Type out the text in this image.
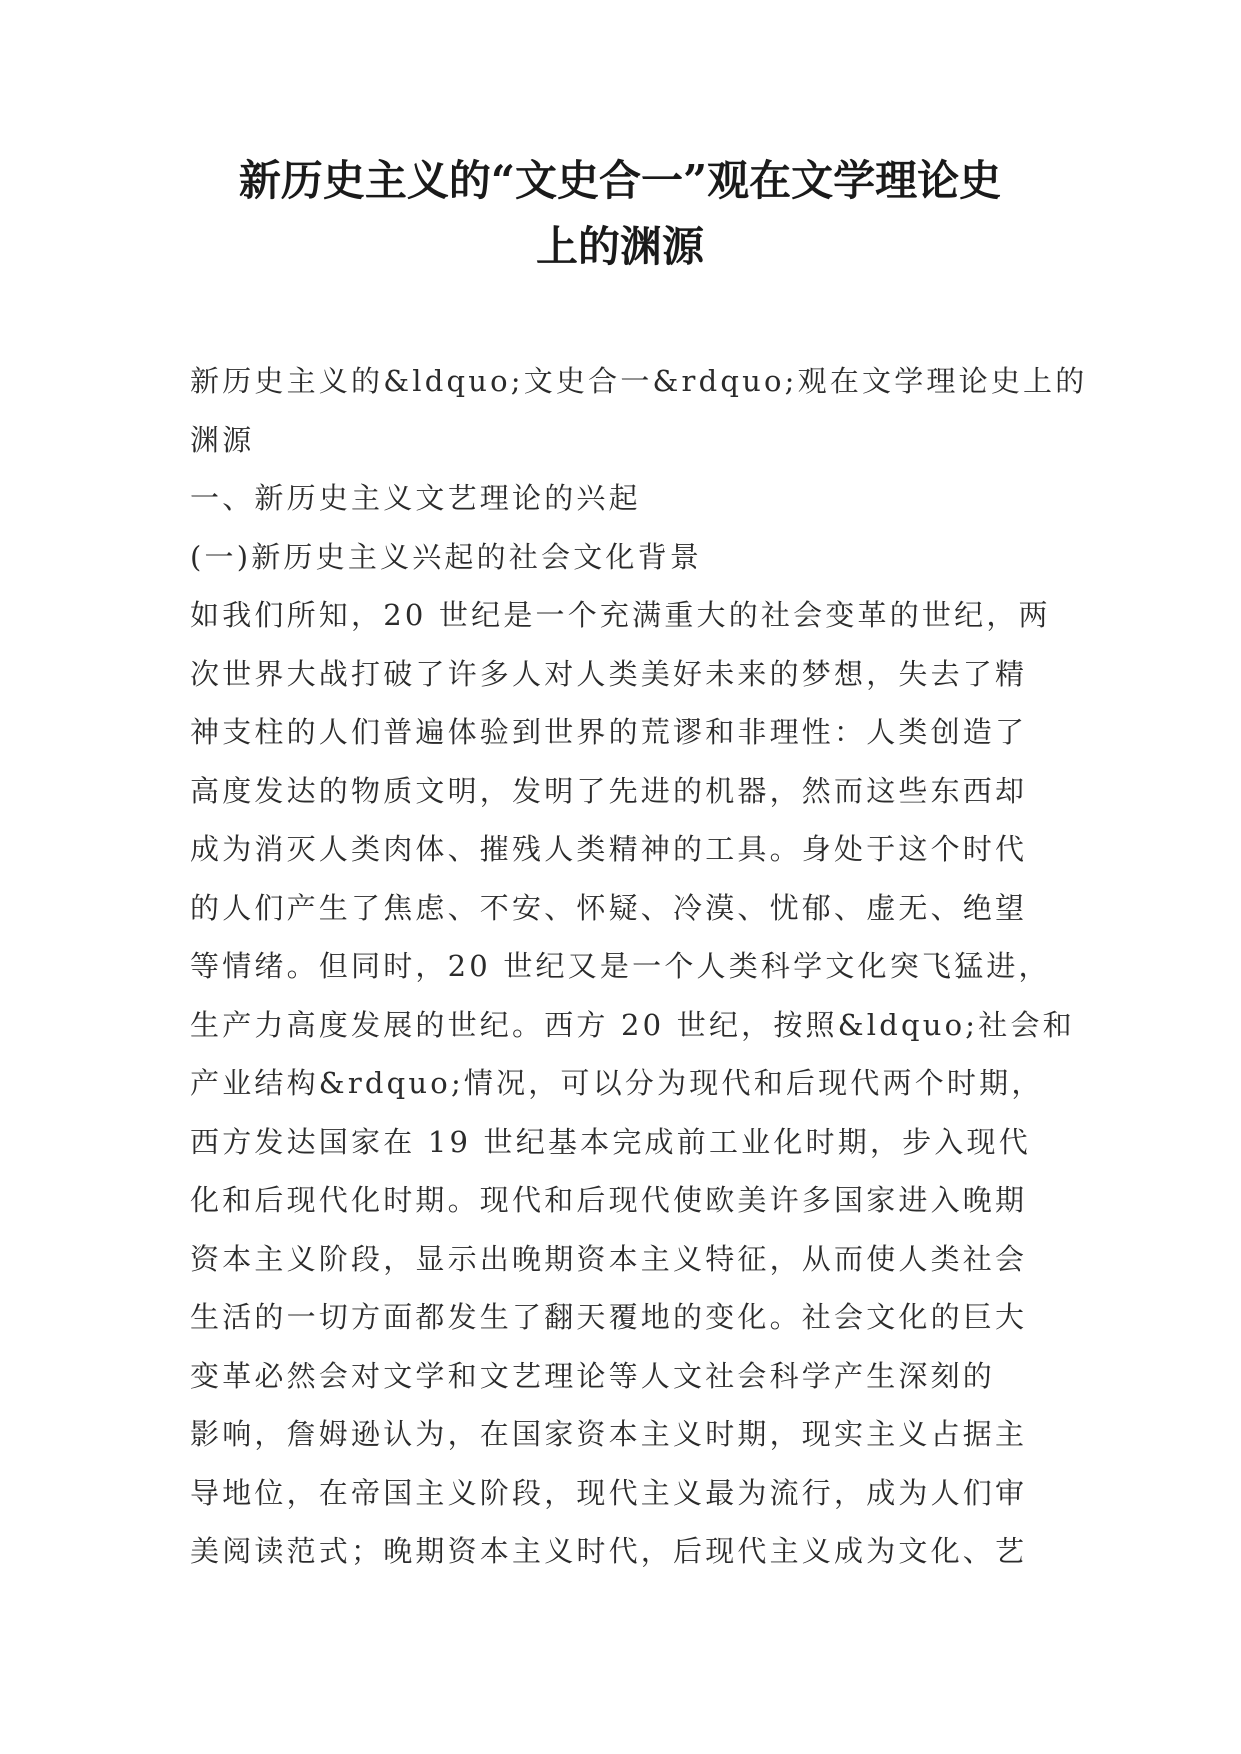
新历史主义的“文史合一”观在文学理论史
上的渊源
新历史主义的&ldquo;文史合一&rdquo;观在文学理论史上的
渊源
一、新历史主义文艺理论的兴起
(一)新历史主义兴起的社会文化背景
如我们所知，20 世纪是一个充满重大的社会变革的世纪，两
次世界大战打破了许多人对人类美好未来的梦想，失去了精
神支柱的人们普遍体验到世界的荒谬和非理性：人类创造了
高度发达的物质文明，发明了先进的机器，然而这些东西却
成为消灭人类肉体、摧残人类精神的工具。身处于这个时代
的人们产生了焦虑、不安、怀疑、冷漠、忧郁、虚无、绝望
等情绪。但同时，20 世纪又是一个人类科学文化突飞猛进，
生产力高度发展的世纪。西方 20 世纪，按照&ldquo;社会和
产业结构&rdquo;情况，可以分为现代和后现代两个时期，
西方发达国家在 19 世纪基本完成前工业化时期，步入现代
化和后现代化时期。现代和后现代使欧美许多国家进入晚期
资本主义阶段，显示出晚期资本主义特征，从而使人类社会
生活的一切方面都发生了翻天覆地的变化。社会文化的巨大
变革必然会对文学和文艺理论等人文社会科学产生深刻的
影响，詹姆逊认为，在国家资本主义时期，现实主义占据主
导地位，在帝国主义阶段，现代主义最为流行，成为人们审
美阅读范式；晚期资本主义时代，后现代主义成为文化、艺
